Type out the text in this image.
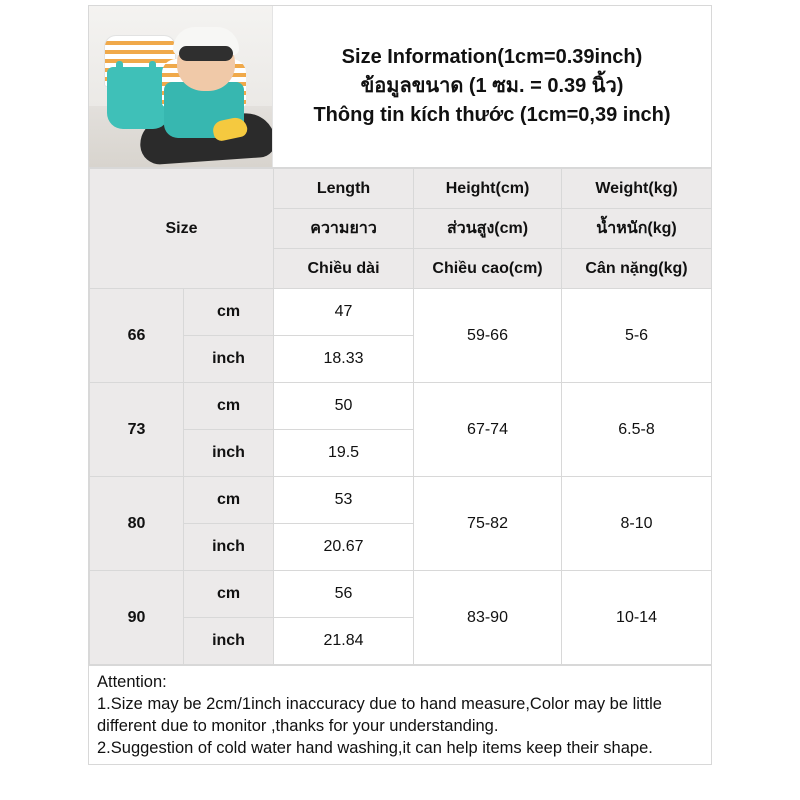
Size Information(1cm=0.39inch)
ข้อมูลขนาด (1 ซม. = 0.39 นิ้ว)
Thông tin kích thước (1cm=0,39 inch)
Size		Length	Height(cm)	Weight(kg)
		ความยาว	ส่วนสูง(cm)	น้ำหนัก(kg)
		Chiều dài	Chiều cao(cm)	Cân nặng(kg)
66	cm	47	59-66	5-6
	inch	18.33		
73	cm	50	67-74	6.5-8
	inch	19.5		
80	cm	53	75-82	8-10
	inch	20.67		
90	cm	56	83-90	10-14
	inch	21.84		

Attention:

1.Size may be 2cm/1inch inaccuracy due to hand measure,Color may be little different due to monitor ,thanks for your understanding.

2.Suggestion of cold water hand washing,it can help items keep their shape.
